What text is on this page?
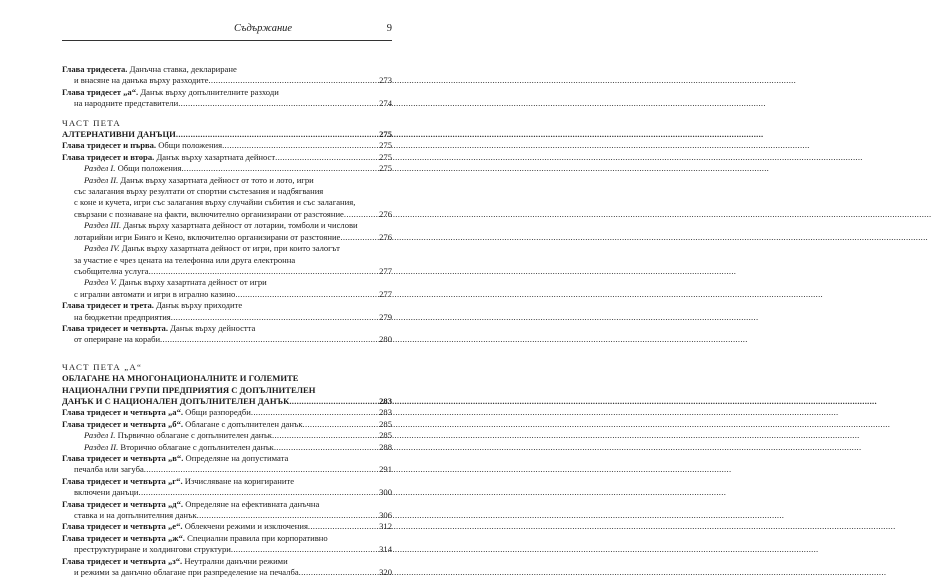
Съдържание	9
Глава тридесетa. Данъчна ставка, деклариране
и внасяне на данъка върху разходите .....	273
Глава тридесет „а“. Данък върху допълнителните разходи
на народните представители .....	274
ЧАСТ ПЕТА
АЛТЕРНАТИВНИ ДАНЪЦИ .....	275
Глава тридесет и първа. Общи положения .....	275
Глава тридесет и втора. Данък върху хазартната дейност .....	275
Раздел I. Общи положения .....	275
Раздел II. Данък върху хазартната дейност от тото и лото, игри
със залагания върху резултати от спортни състезания и надбягвания
с коне и кучета, игри със залагания върху случайни събития и със залагания,
свързани с познаване на факти, включително организирани от разстояние .....	276
Раздел III. Данък върху хазартната дейност от лотарии, томболи и числови
лотарийни игри Бинго и Кено, включително организирани от разстояние .....	276
Раздел IV. Данък върху хазартната дейност от игри, при които залогът
за участие е чрез цената на телефонна или друга електронна
съобщителна услуга .....	277
Раздел V. Данък върху хазартната дейност от игри
с игрални автомати и игри в игрално казино .....	277
Глава тридесет и трета. Данък върху приходите
на бюджетни предприятия .....	279
Глава тридесет и четвърта. Данък върху дейността
от опериране на кораби .....	280
ЧАСТ ПЕТА „А“
ОБЛАГАНЕ НА МНОГОНАЦИОНАЛНИТЕ И ГОЛЕМИТЕ
НАЦИОНАЛНИ ГРУПИ ПРЕДПРИЯТИЯ С ДОПЪЛНИТЕЛЕН
ДАНЪК И С НАЦИОНАЛЕН ДОПЪЛНИТЕЛЕН ДАНЪК .....	283
Глава тридесет и четвърта „а“. Общи разпоредби .....	283
Глава тридесет и четвърта „б“. Облагане с допълнителен данък .....	285
Раздел I. Първично облагане с допълнителен данък .....	285
Раздел II. Вторично облагане с допълнителен данък .....	288
Глава тридесет и четвърта „в“. Определяне на допустимата
печалба или загуба .....	291
Глава тридесет и четвърта „г“. Изчисляване на коригираните
включени данъци .....	300
Глава тридесет и четвърта „д“. Определяне на ефективната данъчна
ставка и на допълнителния данък .....	306
Глава тридесет и четвърта „е“. Облекчени режими и изключения .....	312
Глава тридесет и четвърта „ж“. Специални правила при корпоративно
преструктуриране и холдингови структури .....	314
Глава тридесет и четвърта „з“. Неутрални данъчни режими
и режими за данъчно облагане при разпределение на печалба .....	320
